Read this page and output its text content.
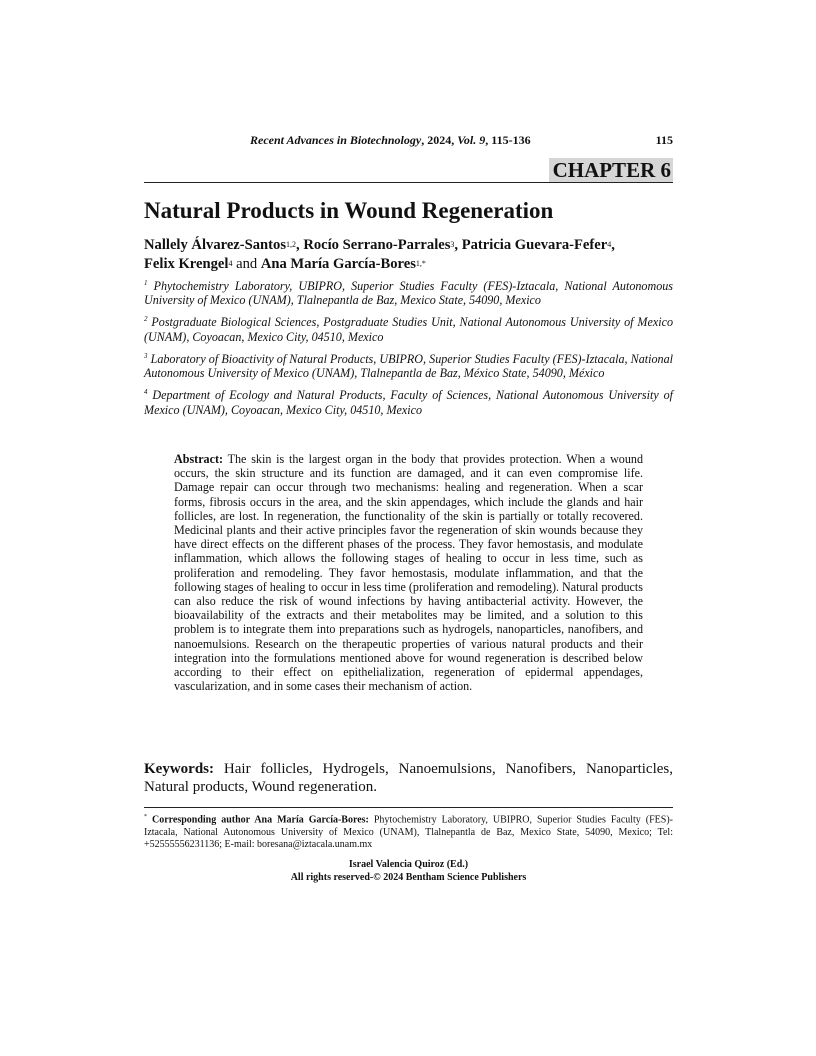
Recent Advances in Biotechnology, 2024, Vol. 9, 115-136	115
CHAPTER 6
Natural Products in Wound Regeneration
Nallely Álvarez-Santos$^{1,2}$, Rocío Serrano-Parrales$^3$, Patricia Guevara-Fefer$^4$,
Felix Krengel$^4$ and Ana María García-Bores$^{1,*}$

$^1$ Phytochemistry Laboratory, UBIPRO, Superior Studies Faculty (FES)-Iztacala, National Autonomous University of Mexico (UNAM), Tlalnepantla de Baz, Mexico State, 54090, Mexico

$^2$ Postgraduate Biological Sciences, Postgraduate Studies Unit, National Autonomous University of Mexico (UNAM), Coyoacan, Mexico City, 04510, Mexico

$^3$ Laboratory of Bioactivity of Natural Products, UBIPRO, Superior Studies Faculty (FES)-Iztacala, National Autonomous University of Mexico (UNAM), Tlalnepantla de Baz, México State, 54090, México

$^4$ Department of Ecology and Natural Products, Faculty of Sciences, National Autonomous University of Mexico (UNAM), Coyoacan, Mexico City, 04510, Mexico

Abstract: The skin is the largest organ in the body that provides protection. When a wound occurs, the skin structure and its function are damaged, and it can even compromise life. Damage repair can occur through two mechanisms: healing and regeneration. When a scar forms, fibrosis occurs in the area, and the skin appendages, which include the glands and hair follicles, are lost. In regeneration, the functionality of the skin is partially or totally recovered. Medicinal plants and their active principles favor the regeneration of skin wounds because they have direct effects on the different phases of the process. They favor hemostasis, and modulate inflammation, which allows the following stages of healing to occur in less time, such as proliferation and remodeling. They favor hemostasis, modulate inflammation, and that the following stages of healing to occur in less time (proliferation and remodeling). Natural products can also reduce the risk of wound infections by having antibacterial activity. However, the bioavailability of the extracts and their metabolites may be limited, and a solution to this problem is to integrate them into preparations such as hydrogels, nanoparticles, nanofibers, and nanoemulsions. Research on the therapeutic properties of various natural products and their integration into the formulations mentioned above for wound regeneration is described below according to their effect on epithelialization, regeneration of epidermal appendages, vascularization, and in some cases their mechanism of action.

Keywords: Hair follicles, Hydrogels, Nanoemulsions, Nanofibers, Nanoparticles, Natural products, Wound regeneration.

* Corresponding author Ana María García-Bores: Phytochemistry Laboratory, UBIPRO, Superior Studies Faculty (FES)-Iztacala, National Autonomous University of Mexico (UNAM), Tlalnepantla de Baz, Mexico State, 54090, Mexico; Tel: +52555556231136; E-mail: boresana@iztacala.unam.mx

Israel Valencia Quiroz (Ed.)
All rights reserved-© 2024 Bentham Science Publishers
